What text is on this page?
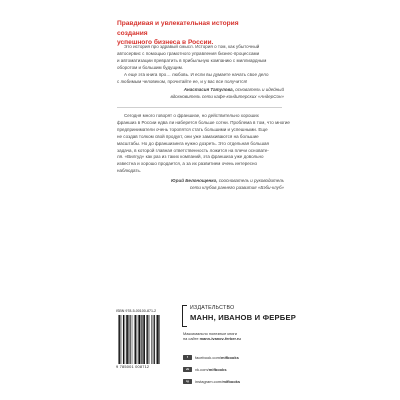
Правдивая и увлекательная история создания
успешного бизнеса в России.
Это история про здравый смысл. История о том, как убыточный
автосервис с помощью грамотного управления бизнес-процессами
и автоматизации превратить в прибыльную компанию с миллиардным
оборотом и большим будущим.
А еще эта книга про… любовь. И если вы думаете начать свое дело
с любимым человеком, прочитайте ее, и у вас все получится!
Анастасия Татулова, основатель и идейный
вдохновитель сети кафе-кондитерских «АндерСон»
Сегодня много говорят о франшизе, но действительно хороших
франшиз в России едва ли наберется больше сотни. Проблема в том, что многие
предприниматели очень торопятся стать большими и успешными. Еще
не создав толком свой продукт, они уже замахиваются на большие
масштабы. Но до франшизинга нужно дозреть. Это отдельная большая
задача, в которой главная ответственность ложится на плечи основате-
ля. «Вилгуд» как раз из таких компаний, эта франшиза уже довольно
известна и хорошо продается, а за их развитием очень интересно
наблюдать.
Юрий Белонощенко, сооснователь и руководитель
сети клубов раннего развития «Бэби-клуб»
ISBN 978-5-00100-871-2
9 785001 008712
ИЗДАТЕЛЬСТВО
МАНН, ИВАНОВ И ФЕРБЕР
Максимально полезные книги
на сайте mann-ivanov-ferber.ru
f	facebook.com/ mifbooks
vk	vk.com/ mifbooks
ig	instagram.com/ mifbooks
